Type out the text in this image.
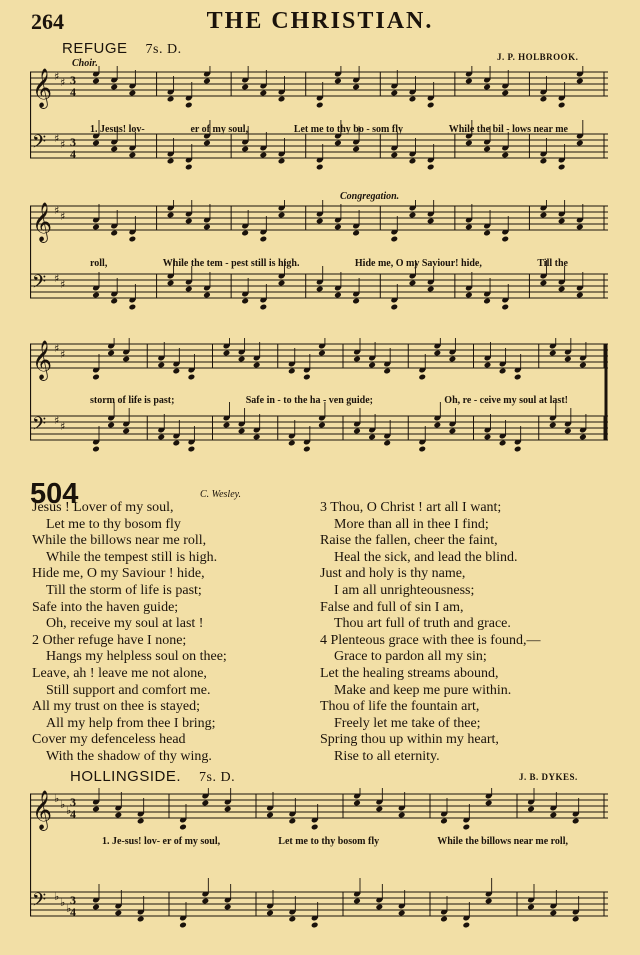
264	THE CHRISTIAN.
REFUGE 7s. D.	J. P. HOLBROOK.
Choir.
Congregation.
𝄞 ♯ ♯ 3
4
𝄢 ♯ ♯ 3
4
1. Jesus! lov-	er of my soul,	Let me to thy bo - som fly	While the bil - lows near me
𝄞 ♯ ♯
𝄢 ♯ ♯
roll,	While the tem - pest still is high.	Hide me, O my Saviour! hide,	Till the
𝄞 ♯ ♯
𝄢 ♯ ♯
storm of life is past;	Safe in - to the ha - ven guide;	Oh, re - ceive my soul at last!
504	C. Wesley.
Jesus ! Lover of my soul,
Let me to thy bosom fly
While the billows near me roll,
While the tempest still is high.
Hide me, O my Saviour ! hide,
Till the storm of life is past;
Safe into the haven guide;
Oh, receive my soul at last !
2 Other refuge have I none;
Hangs my helpless soul on thee;
Leave, ah ! leave me not alone,
Still support and comfort me.
All my trust on thee is stayed;
All my help from thee I bring;
Cover my defenceless head
With the shadow of thy wing.
3 Thou, O Christ ! art all I want;
More than all in thee I find;
Raise the fallen, cheer the faint,
Heal the sick, and lead the blind.
Just and holy is thy name,
I am all unrighteousness;
False and full of sin I am,
Thou art full of truth and grace.
4 Plenteous grace with thee is found,—
Grace to pardon all my sin;
Let the healing streams abound,
Make and keep me pure within.
Thou of life the fountain art,
Freely let me take of thee;
Spring thou up within my heart,
Rise to all eternity.
HOLLINGSIDE. 7s. D.	J. B. DYKES.
𝄞 ♭ ♭ ♭
3
4
𝄢 ♭ ♭ ♭
3
4
1. Je-sus! lov- er of my soul,	Let me to thy bosom fly	While the billows near me roll,
